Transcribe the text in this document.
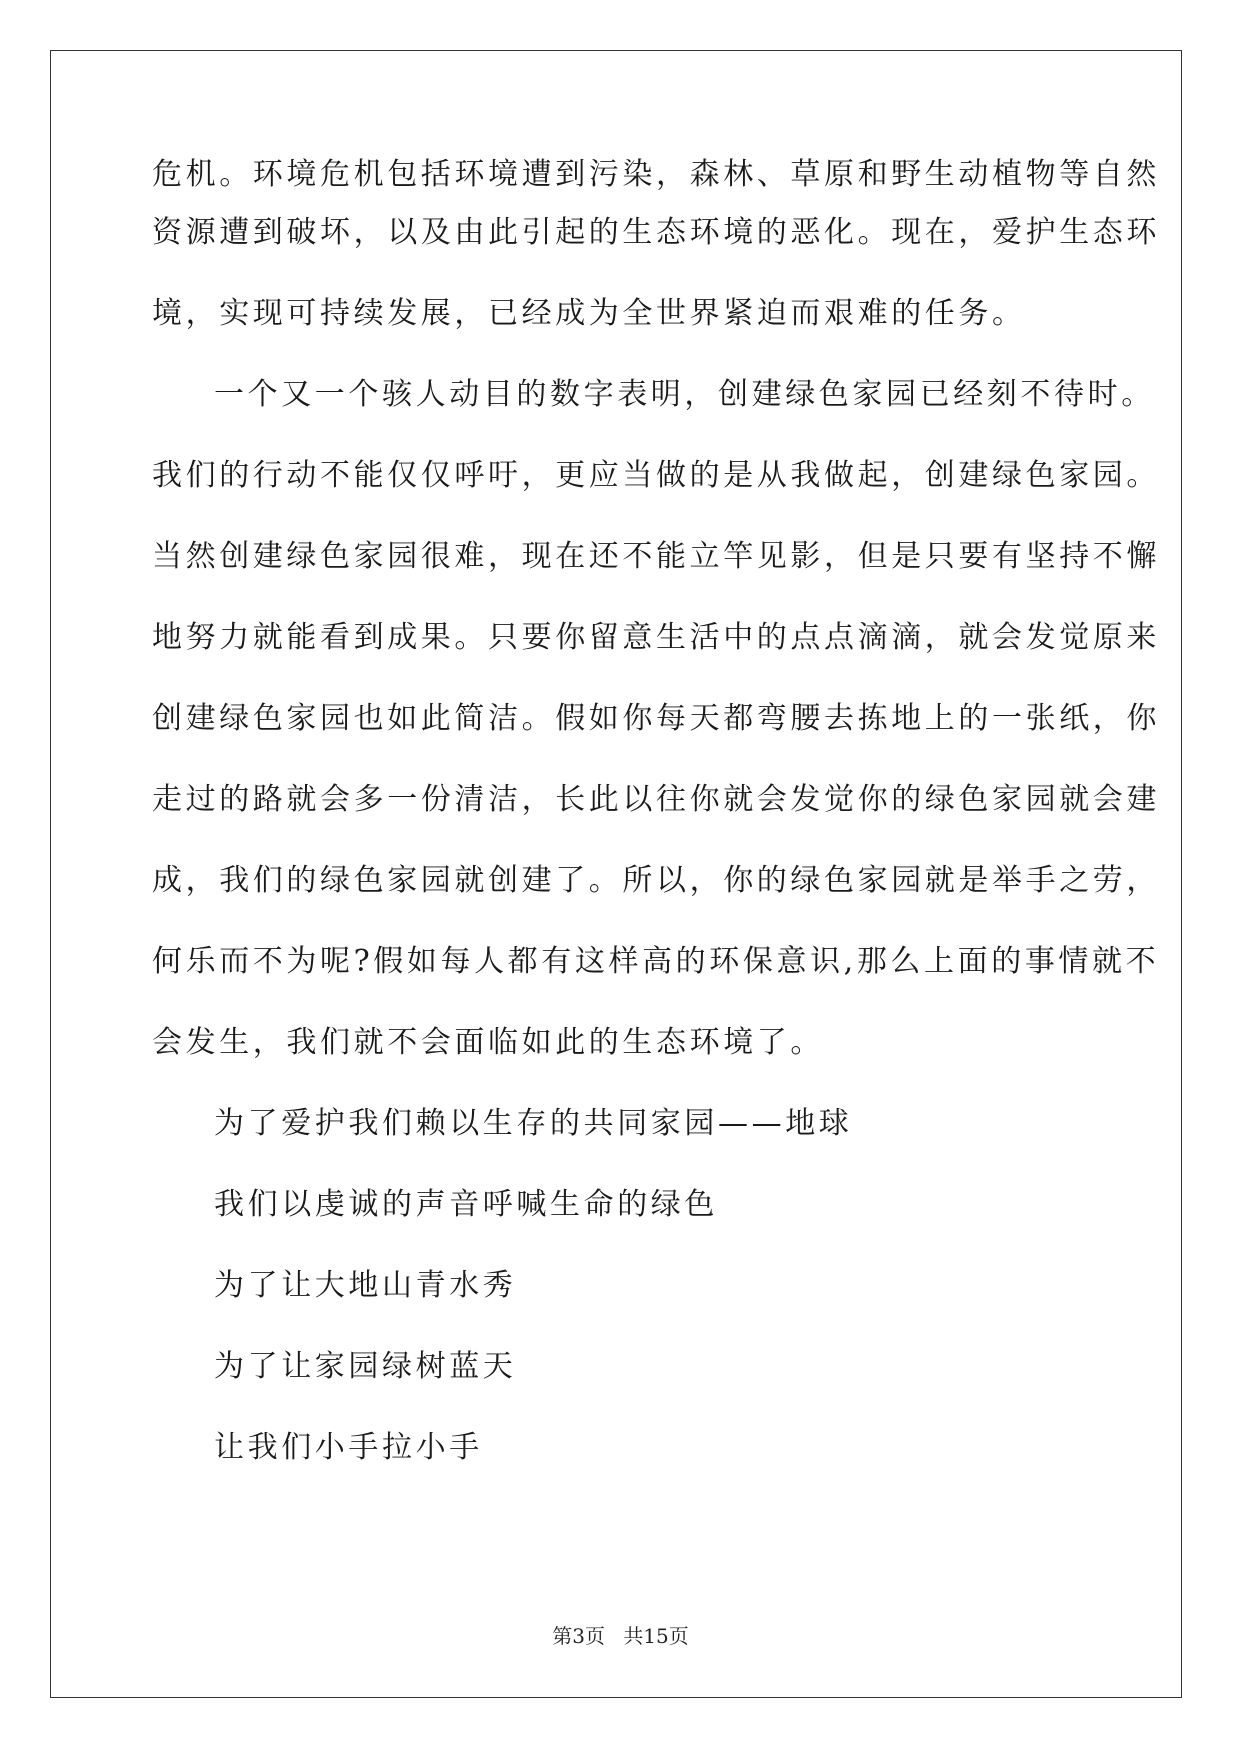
危机。环境危机包括环境遭到污染，森林、草原和野生动植物等自然
资源遭到破坏，以及由此引起的生态环境的恶化。现在，爱护生态环
境，实现可持续发展，已经成为全世界紧迫而艰难的任务。
一个又一个骇人动目的数字表明，创建绿色家园已经刻不待时。
我们的行动不能仅仅呼吁，更应当做的是从我做起，创建绿色家园。
当然创建绿色家园很难，现在还不能立竿见影，但是只要有坚持不懈
地努力就能看到成果。只要你留意生活中的点点滴滴，就会发觉原来
创建绿色家园也如此简洁。假如你每天都弯腰去拣地上的一张纸，你
走过的路就会多一份清洁，长此以往你就会发觉你的绿色家园就会建
成，我们的绿色家园就创建了。所以，你的绿色家园就是举手之劳，
何乐而不为呢?假如每人都有这样高的环保意识,那么上面的事情就不
会发生，我们就不会面临如此的生态环境了。
为了爱护我们赖以生存的共同家园——地球
我们以虔诚的声音呼喊生命的绿色
为了让大地山青水秀
为了让家园绿树蓝天
让我们小手拉小手
第3页 共15页
